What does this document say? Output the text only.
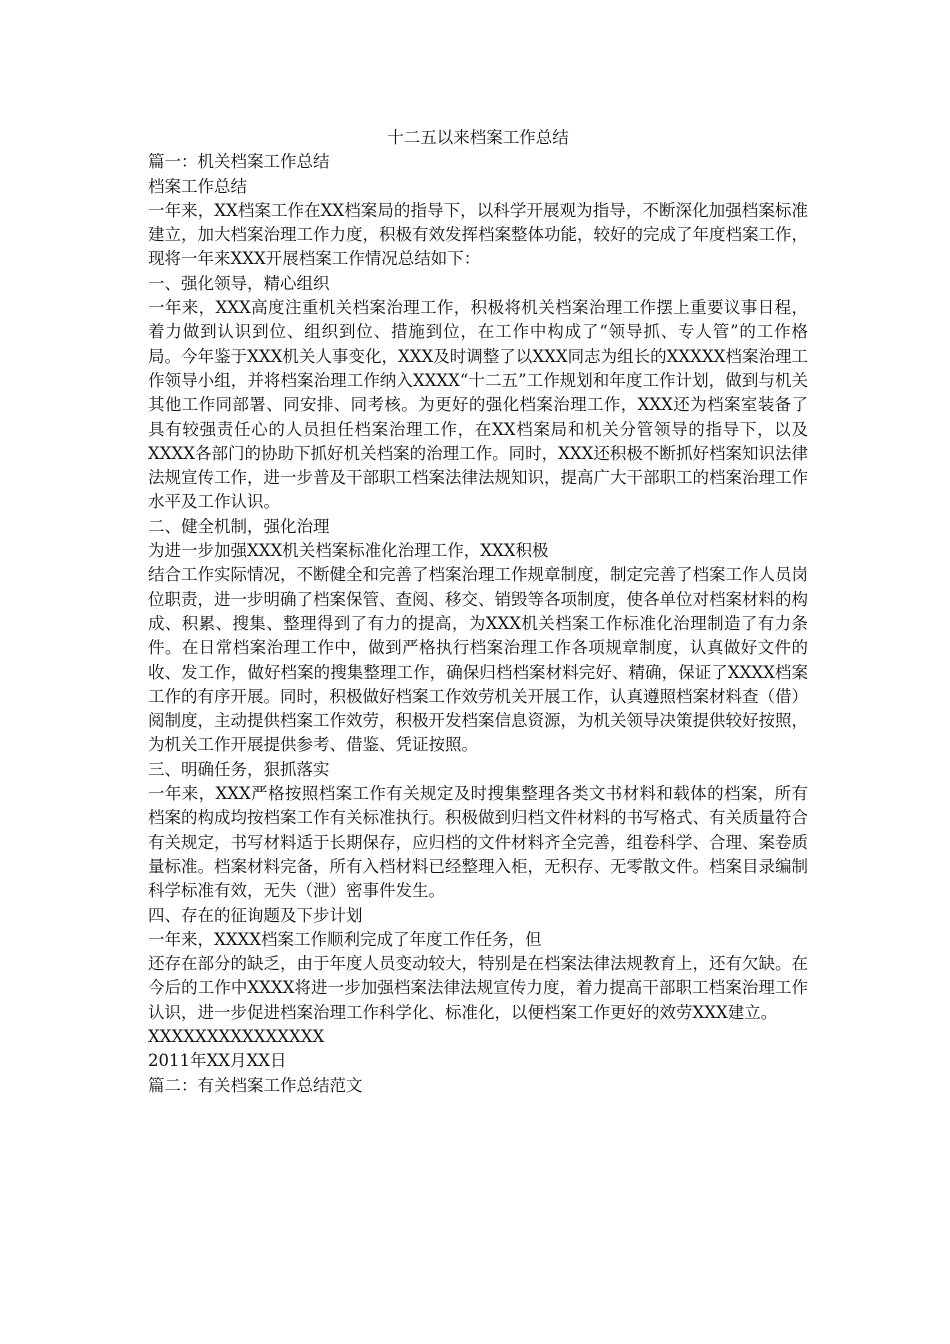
十二五以来档案工作总结

篇一：机关档案工作总结

档案工作总结

一年来，XX档案工作在XX档案局的指导下，以科学开展观为指导，不断深化加强档案标准建立，加大档案治理工作力度，积极有效发挥档案整体功能，较好的完成了年度档案工作，现将一年来XXX开展档案工作情况总结如下：

一、强化领导，精心组织

一年来，XXX高度注重机关档案治理工作，积极将机关档案治理工作摆上重要议事日程，着力做到认识到位、组织到位、措施到位，在工作中构成了“领导抓、专人管”的工作格局。今年鉴于XXX机关人事变化，XXX及时调整了以XXX同志为组长的XXXXX档案治理工作领导小组，并将档案治理工作纳入XXXX“十二五”工作规划和年度工作计划，做到与机关其他工作同部署、同安排、同考核。为更好的强化档案治理工作，XXX还为档案室装备了具有较强责任心的人员担任档案治理工作，在XX档案局和机关分管领导的指导下，以及XXXX各部门的协助下抓好机关档案的治理工作。同时，XXX还积极不断抓好档案知识法律法规宣传工作，进一步普及干部职工档案法律法规知识，提高广大干部职工的档案治理工作水平及工作认识。

二、健全机制，强化治理

为进一步加强XXX机关档案标准化治理工作，XXX积极

结合工作实际情况，不断健全和完善了档案治理工作规章制度，制定完善了档案工作人员岗位职责，进一步明确了档案保管、查阅、移交、销毁等各项制度，使各单位对档案材料的构成、积累、搜集、整理得到了有力的提高，为XXX机关档案工作标准化治理制造了有力条件。在日常档案治理工作中，做到严格执行档案治理工作各项规章制度，认真做好文件的收、发工作，做好档案的搜集整理工作，确保归档档案材料完好、精确，保证了XXXX档案工作的有序开展。同时，积极做好档案工作效劳机关开展工作，认真遵照档案材料查（借）阅制度，主动提供档案工作效劳，积极开发档案信息资源，为机关领导决策提供较好按照，为机关工作开展提供参考、借鉴、凭证按照。

三、明确任务，狠抓落实

一年来，XXX严格按照档案工作有关规定及时搜集整理各类文书材料和载体的档案，所有档案的构成均按档案工作有关标准执行。积极做到归档文件材料的书写格式、有关质量符合有关规定，书写材料适于长期保存，应归档的文件材料齐全完善，组卷科学、合理、案卷质量标准。档案材料完备，所有入档材料已经整理入柜，无积存、无零散文件。档案目录编制科学标准有效，无失（泄）密事件发生。

四、存在的征询题及下步计划

一年来，XXXX档案工作顺利完成了年度工作任务，但

还存在部分的缺乏，由于年度人员变动较大，特别是在档案法律法规教育上，还有欠缺。在今后的工作中XXXX将进一步加强档案法律法规宣传力度，着力提高干部职工档案治理工作认识，进一步促进档案治理工作科学化、标准化，以便档案工作更好的效劳XXX建立。

XXXXXXXXXXXXXXX

2011年XX月XX日

篇二：有关档案工作总结范文
